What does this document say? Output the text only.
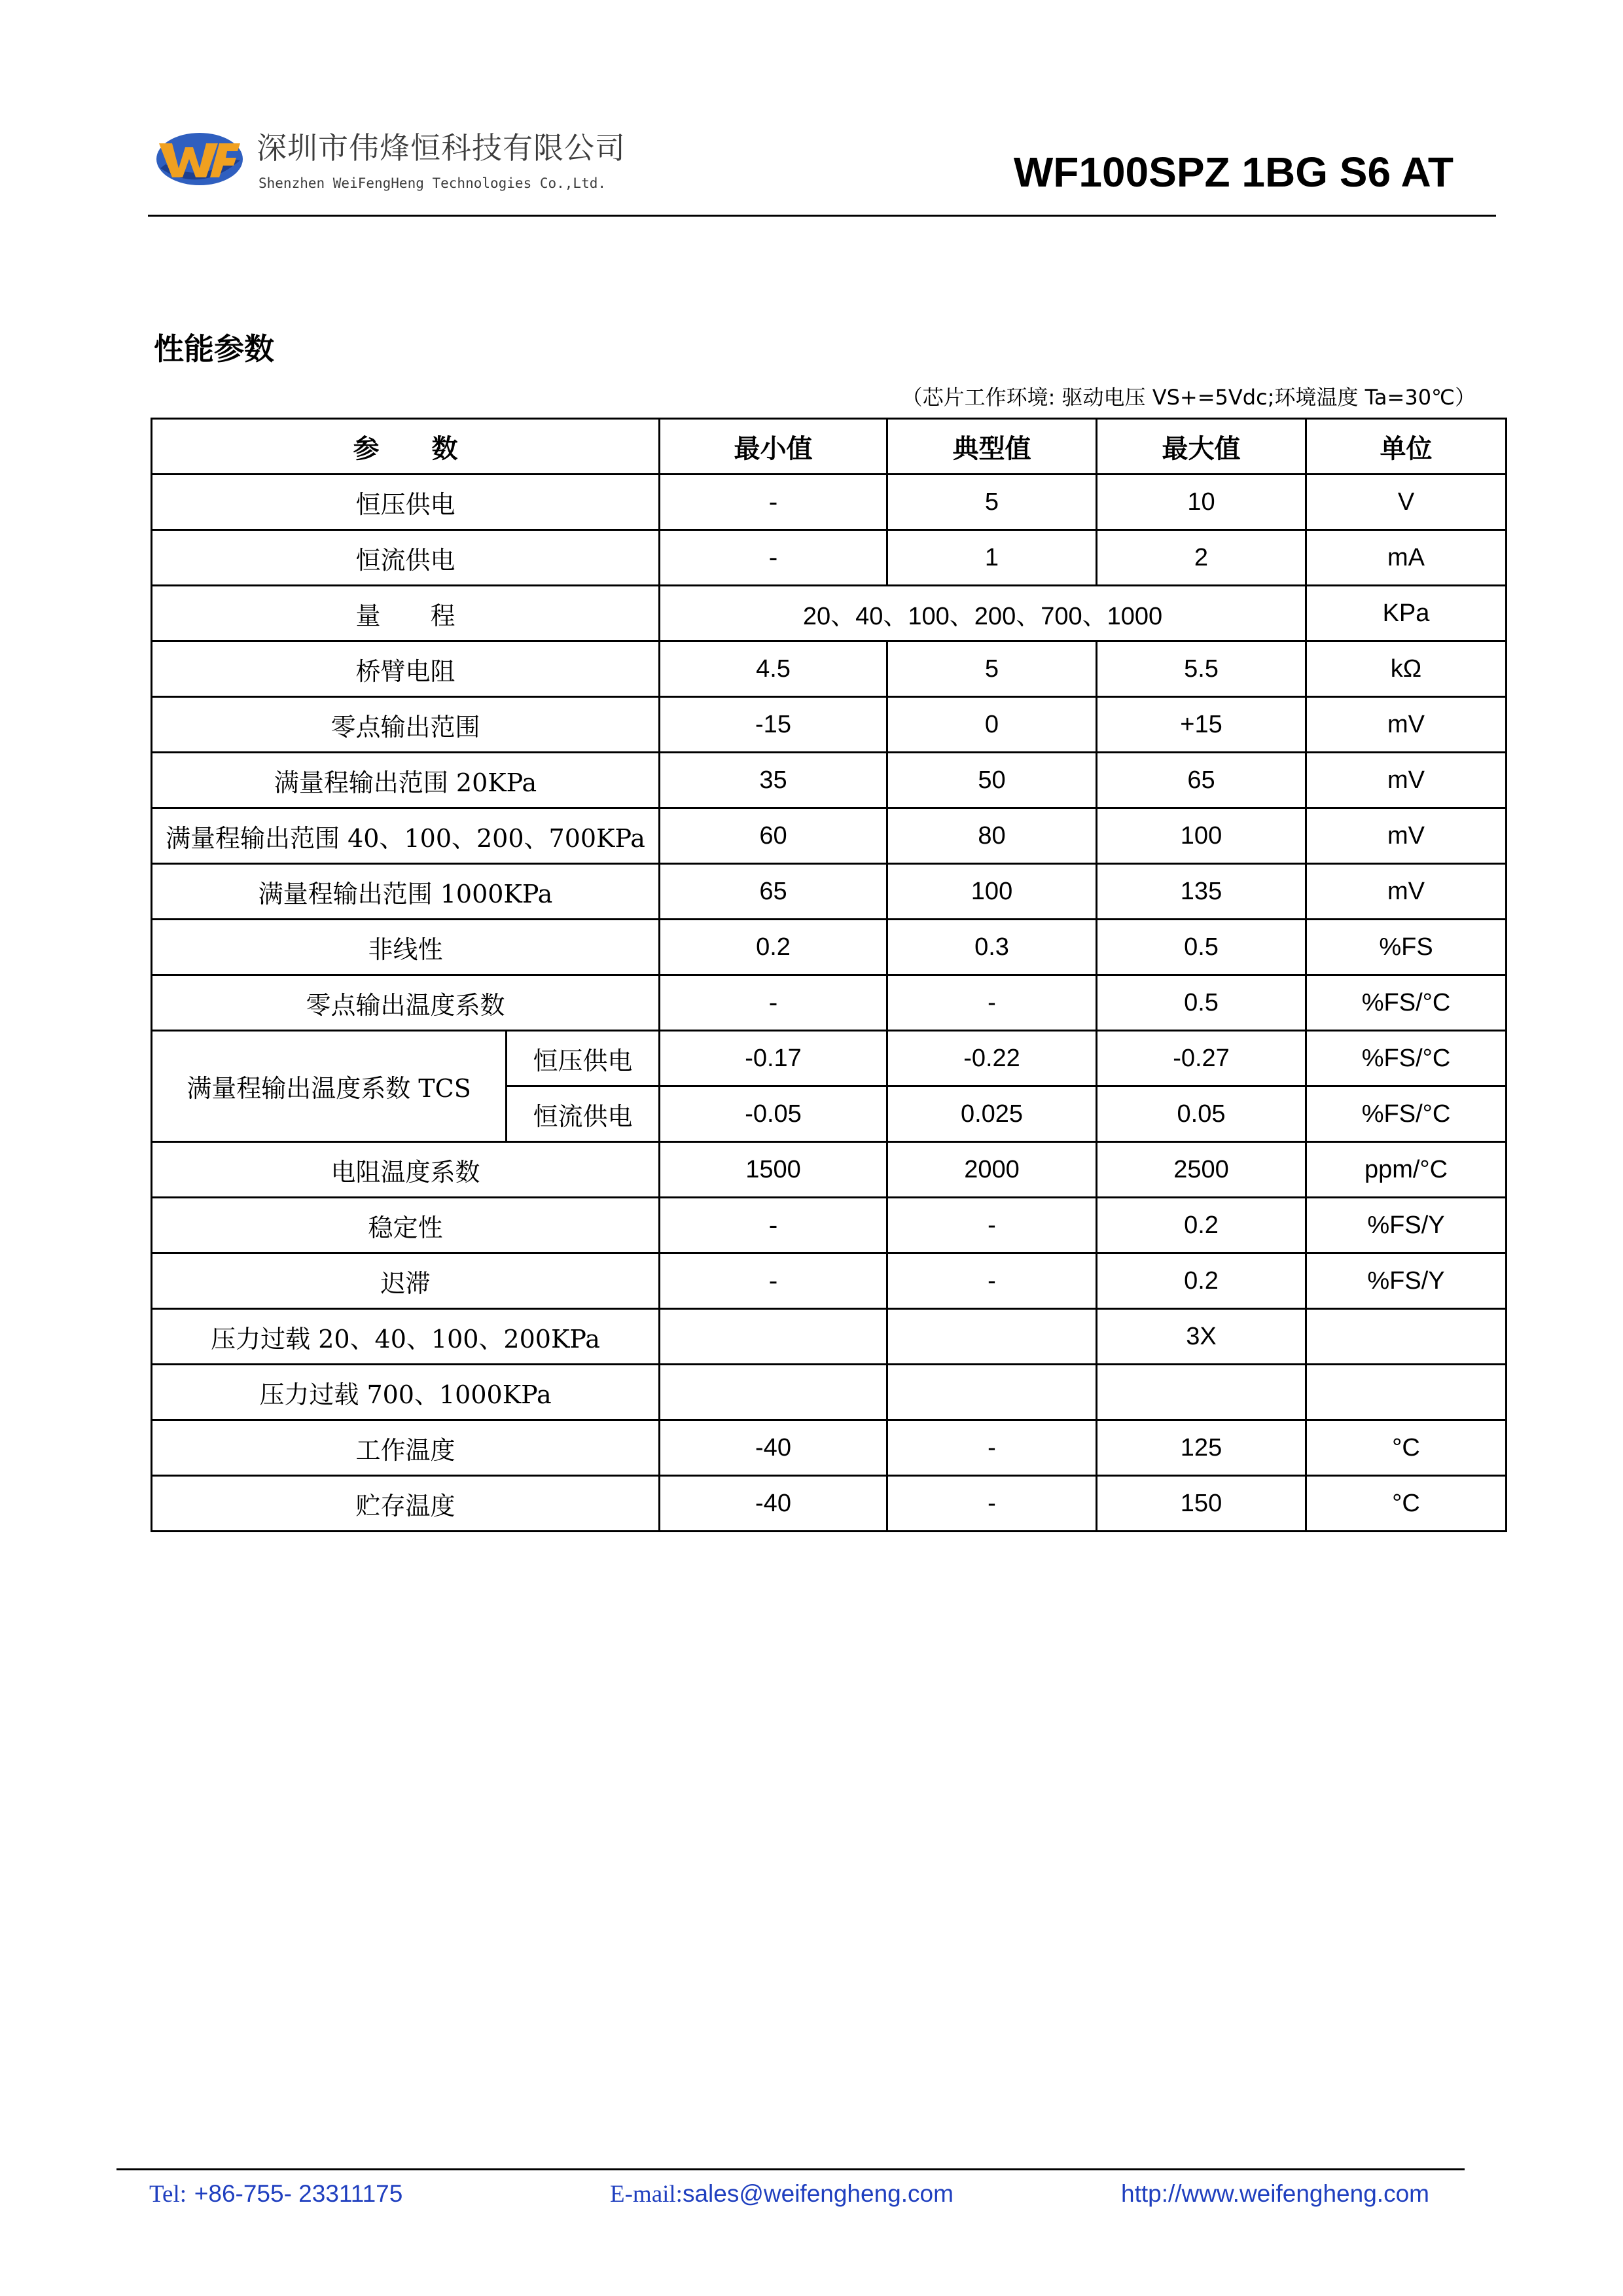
深圳市伟烽恒科技有限公司
Shenzhen WeiFengHeng Technologies Co.,Ltd.	WF100SPZ 1BG S6 AT
性能参数
（芯片工作环境: 驱动电压 VS+=5Vdc;环境温度 Ta=30℃）
参　　数		最小值	典型值	最大值	单位
恒压供电		-	5	10	V
恒流供电		-	1	2	mA
量　　程		20、40、100、200、700、1000			KPa
桥臂电阻		4.5	5	5.5	kΩ
零点输出范围		-15	0	+15	mV
满量程输出范围 20KPa		35	50	65	mV
满量程输出范围 40、100、200、700KPa		60	80	100	mV
满量程输出范围 1000KPa		65	100	135	mV
非线性		0.2	0.3	0.5	%FS
零点输出温度系数		-	-	0.5	%FS/°C
满量程输出温度系数 TCS	恒压供电	-0.17	-0.22	-0.27	%FS/°C
	恒流供电	-0.05	0.025	0.05	%FS/°C
电阻温度系数		1500	2000	2500	ppm/°C
稳定性		-	-	0.2	%FS/Y
迟滞		-	-	0.2	%FS/Y
压力过载 20、40、100、200KPa				3X	
压力过载 700、1000KPa					
工作温度		-40	-	125	°C
贮存温度		-40	-	150	°C
Tel: +86-755- 23311175	E-mail:sales@weifengheng.com	http://www.weifengheng.com
